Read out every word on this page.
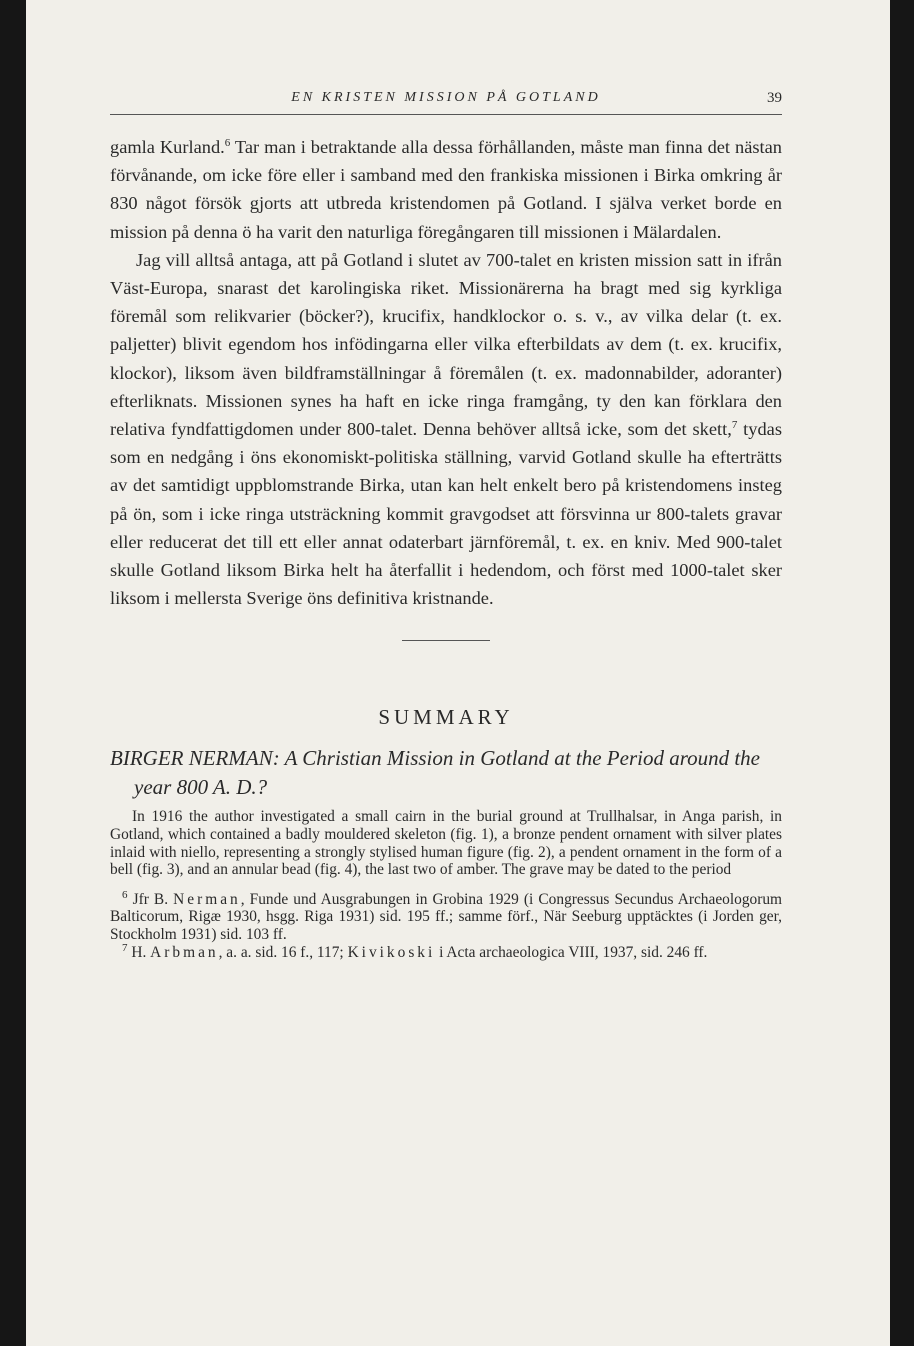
EN KRISTEN MISSION PÅ GOTLAND	39

gamla Kurland.$^6$ Tar man i betraktande alla dessa förhållanden, måste man finna det nästan förvånande, om icke före eller i samband med den frankiska missionen i Birka omkring år 830 något försök gjorts att utbreda kristendomen på Gotland. I själva verket borde en mission på denna ö ha varit den naturliga föregångaren till missionen i Mälardalen.

Jag vill alltså antaga, att på Gotland i slutet av 700-talet en kristen mission satt in ifrån Väst-Europa, snarast det karolingiska riket. Missionärerna ha bragt med sig kyrkliga föremål som relikvarier (böcker?), krucifix, handklockor o. s. v., av vilka delar (t. ex. paljetter) blivit egendom hos infödingarna eller vilka efterbildats av dem (t. ex. krucifix, klockor), liksom även bildframställningar å föremålen (t. ex. madonnabilder, adoranter) efterliknats. Missionen synes ha haft en icke ringa framgång, ty den kan förklara den relativa fyndfattigdomen under 800-talet. Denna behöver alltså icke, som det skett,$^7$ tydas som en nedgång i öns ekonomiskt-politiska ställning, varvid Gotland skulle ha efterträtts av det samtidigt uppblomstrande Birka, utan kan helt enkelt bero på kristendomens insteg på ön, som i icke ringa utsträckning kommit gravgodset att försvinna ur 800-talets gravar eller reducerat det till ett eller annat odaterbart järnföremål, t. ex. en kniv. Med 900-talet skulle Gotland liksom Birka helt ha återfallit i hedendom, och först med 1000-talet sker liksom i mellersta Sverige öns definitiva kristnande.

SUMMARY
BIRGER NERMAN: A Christian Mission in Gotland at the Period around the year 800 A. D.?

In 1916 the author investigated a small cairn in the burial ground at Trullhalsar, in Anga parish, in Gotland, which contained a badly mouldered skeleton (fig. 1), a bronze pendent ornament with silver plates inlaid with niello, representing a strongly stylised human figure (fig. 2), a pendent ornament in the form of a bell (fig. 3), and an annular bead (fig. 4), the last two of amber. The grave may be dated to the period

$^6$ Jfr B. Nerman, Funde und Ausgrabungen in Grobina 1929 (i Congressus Secundus Archaeologorum Balticorum, Rigæ 1930, hsgg. Riga 1931) sid. 195 ff.; samme förf., När Seeburg upptäcktes (i Jorden ger, Stockholm 1931) sid. 103 ff.

$^7$ H. Arbman, a. a. sid. 16 f., 117; Kivikoski i Acta archaeologica VIII, 1937, sid. 246 ff.
